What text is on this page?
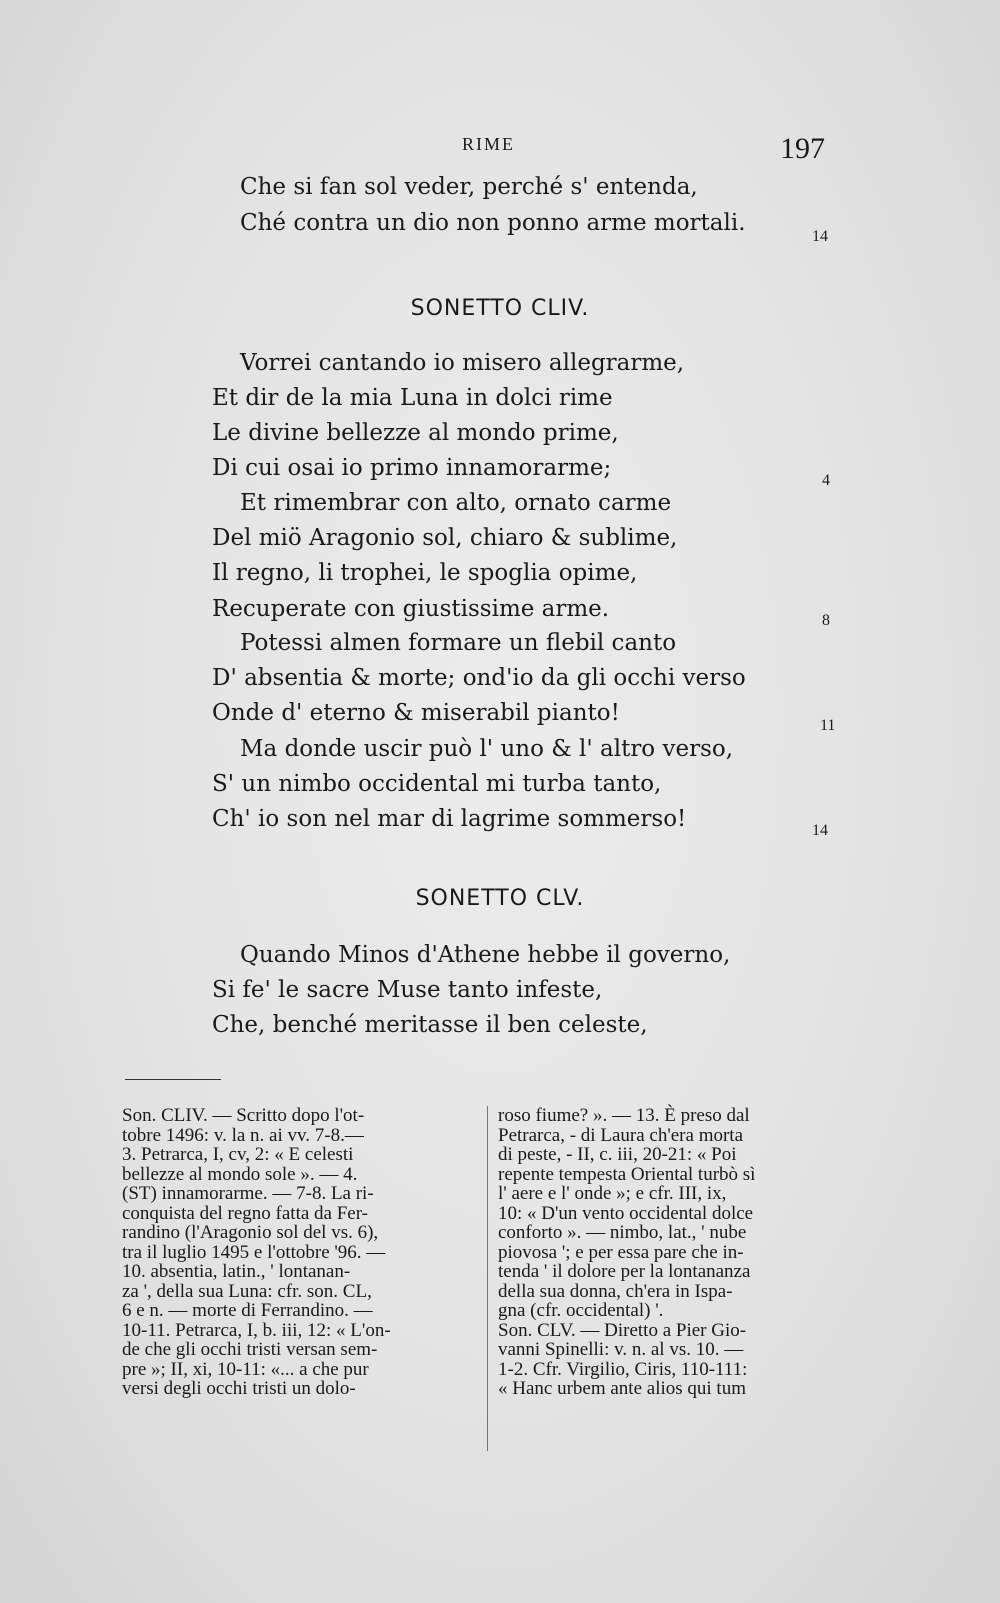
RIME	197
Che si fan sol veder, perché s' entenda,
Ché contra un dio non ponno arme mortali.
14
SONETTO CLIV.
Vorrei cantando io misero allegrarme,
Et dir de la mia Luna in dolci rime
Le divine bellezze al mondo prime,
Di cui osai io primo innamorarme;	4
Et rimembrar con alto, ornato carme
Del miö Aragonio sol, chiaro & sublime,
Il regno, li trophei, le spoglia opime,
Recuperate con giustissime arme.	8
Potessi almen formare un flebil canto
D' absentia & morte; ond'io da gli occhi verso
Onde d' eterno & miserabil pianto!	11
Ma donde uscir può l' uno & l' altro verso,
S' un nimbo occidental mi turba tanto,
Ch' io son nel mar di lagrime sommerso!	14
SONETTO CLV.
Quando Minos d'Athene hebbe il governo,
Si fe' le sacre Muse tanto infeste,
Che, benché meritasse il ben celeste,

Son. CLIV. — Scritto dopo l'ot-

tobre 1496: v. la n. ai vv. 7-8.—

3. Petrarca, I, cv, 2: « E celesti

bellezze al mondo sole ». — 4.

(ST) innamorarme. — 7-8. La ri-

conquista del regno fatta da Fer-

randino (l'Aragonio sol del vs. 6),

tra il luglio 1495 e l'ottobre '96. —

10. absentia, latin., ' lontanan-

za ', della sua Luna: cfr. son. CL,

6 e n. — morte di Ferrandino. —

10-11. Petrarca, I, b. iii, 12: « L'on-

de che gli occhi tristi versan sem-

pre »; II, xi, 10-11: «... a che pur

versi degli occhi tristi un dolo-

roso fiume? ». — 13. È preso dal

Petrarca, - di Laura ch'era morta

di peste, - II, c. iii, 20-21: « Poi

repente tempesta Oriental turbò sì

l' aere e l' onde »; e cfr. III, ix,

10: « D'un vento occidental dolce

conforto ». — nimbo, lat., ' nube

piovosa '; e per essa pare che in-

tenda ' il dolore per la lontananza

della sua donna, ch'era in Ispa-

gna (cfr. occidental) '.

Son. CLV. — Diretto a Pier Gio-

vanni Spinelli: v. n. al vs. 10. —

1-2. Cfr. Virgilio, Ciris, 110-111:

« Hanc urbem ante alios qui tum
